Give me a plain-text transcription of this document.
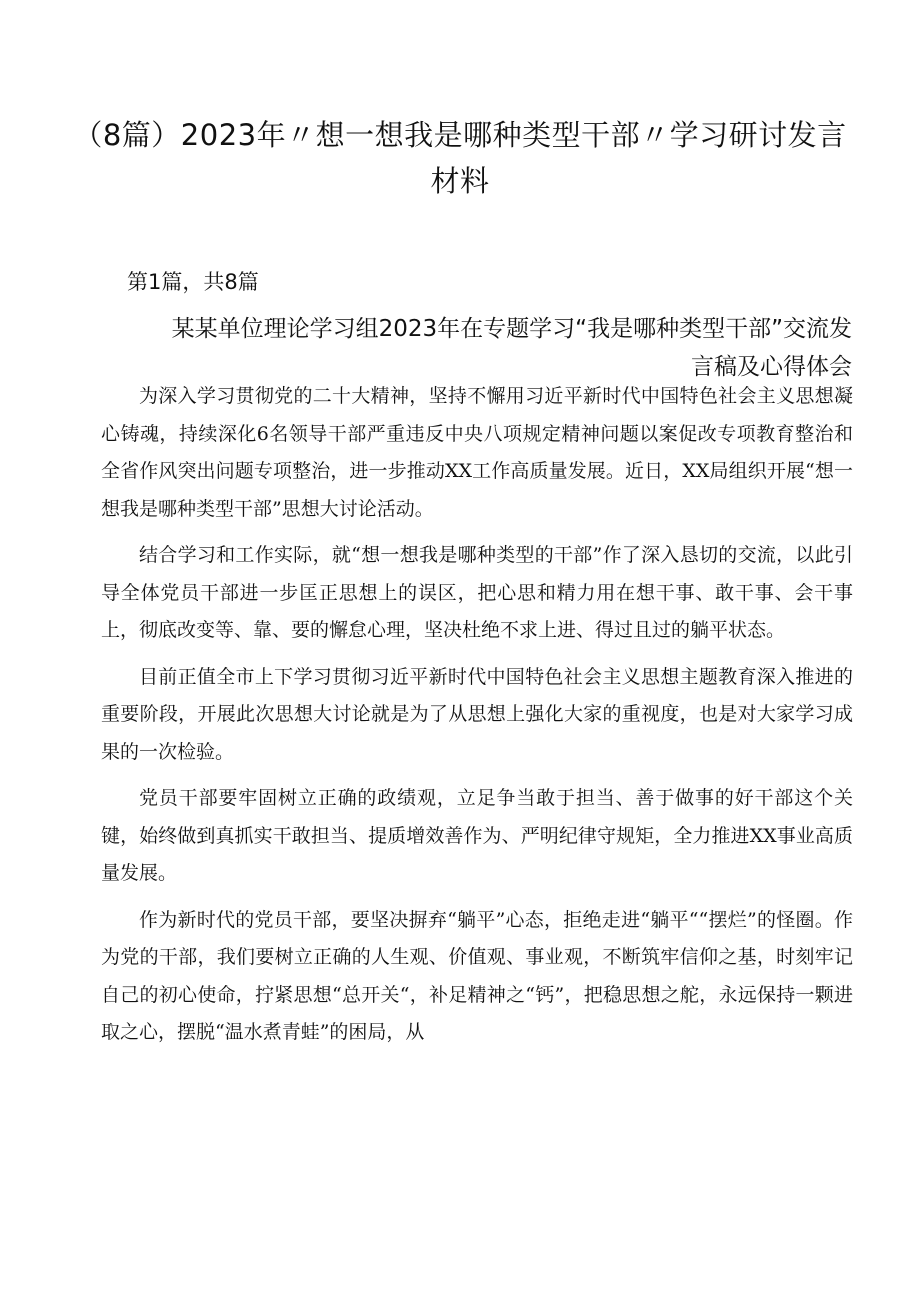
（8篇）2023年〃想一想我是哪种类型干部〃学习研讨发言材料
第1篇，共8篇
某某单位理论学习组2023年在专题学习“我是哪种类型干部”交流发言稿及心得体会

为深入学习贯彻党的二十大精神，坚持不懈用习近平新时代中国特色社会主义思想凝心铸魂，持续深化6名领导干部严重违反中央八项规定精神问题以案促改专项教育整治和全省作风突出问题专项整治，进一步推动XX工作高质量发展。近日，XX局组织开展“想一想我是哪种类型干部”思想大讨论活动。

结合学习和工作实际，就“想一想我是哪种类型的干部”作了深入恳切的交流，以此引导全体党员干部进一步匡正思想上的误区，把心思和精力用在想干事、敢干事、会干事上，彻底改变等、靠、要的懈怠心理，坚决杜绝不求上进、得过且过的躺平状态。

目前正值全市上下学习贯彻习近平新时代中国特色社会主义思想主题教育深入推进的重要阶段，开展此次思想大讨论就是为了从思想上强化大家的重视度，也是对大家学习成果的一次检验。

党员干部要牢固树立正确的政绩观，立足争当敢于担当、善于做事的好干部这个关键，始终做到真抓实干敢担当、提质增效善作为、严明纪律守规矩，全力推进XX事业高质量发展。

作为新时代的党员干部，要坚决摒弃“躺平”心态，拒绝走进“躺平““摆烂”的怪圈。作为党的干部，我们要树立正确的人生观、价值观、事业观，不断筑牢信仰之基，时刻牢记自己的初心使命，拧紧思想“总开关“，补足精神之“钙”，把稳思想之舵，永远保持一颗进取之心，摆脱“温水煮青蛙”的困局，从
